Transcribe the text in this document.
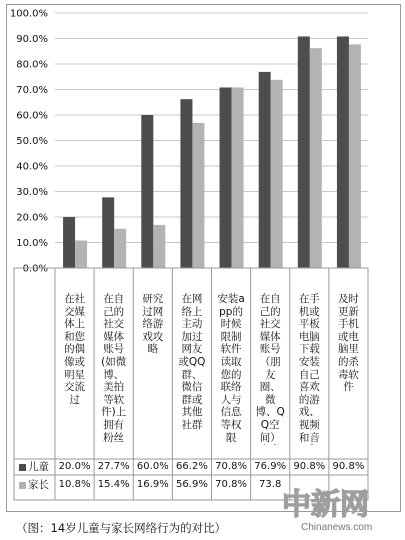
0.0%
10.0%
20.0%
30.0%
40.0%
50.0%
60.0%
70.0%
80.0%
90.0%
100.0%
在社交媒体上和您的偶像或明星交流过
在自己的社交媒体账号(如微博、美拍等软件)上拥有粉丝
研究过网络游戏攻略
在网络上主动加过网友或QQ群、微信群或其他社群
安装app的时候限制软件读取您的联络人与信息等权限
在自己的社交媒体账号（朋友圈、微博、QQ空间）
在手机或平板电脑下载安装自己喜欢的游戏、视频和音
及时更新手机或电脑里的杀毒软件
儿童 20.0% 27.7% 60.0% 66.2% 70.8% 76.9% 90.8% 90.8%
家长 10.8% 15.4% 16.9% 56.9% 70.8%	73.8
（图：14岁儿童与家长网络行为的对比）
中新网
Chinanews.com
